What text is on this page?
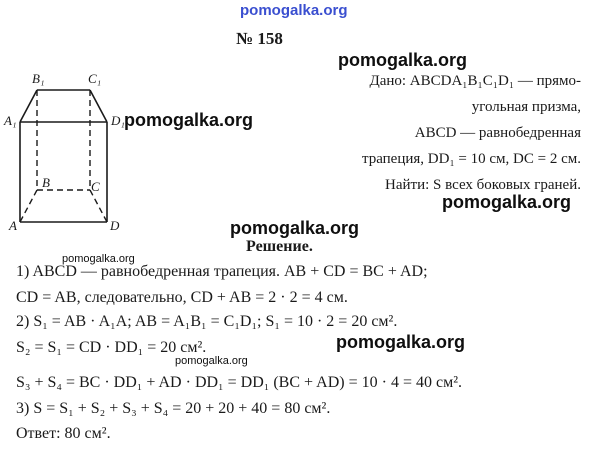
pomogalka.org
pomogalka.org
pomogalka.org
pomogalka.org
pomogalka.org
pomogalka.org
pomogalka.org
pomogalka.org
№ 158
B₁	C₁
A₁	D₁
B	C
A	D
Дано: ABCDA₁B₁C₁D₁ — прямо-
угольная призма,
ABCD — равнобедренная
трапеция, DD₁ = 10 см, DC = 2 см.
Найти: S всех боковых граней.
Решение.
1) ABCD — равнобедренная трапеция. AB + CD = BC + AD;
CD = AB, следовательно, CD + AB = 2 · 2 = 4 см.
2) S₁ = AB · A₁A; AB = A₁B₁ = C₁D₁; S₁ = 10 · 2 = 20 см².
S₂ = S₁ = CD · DD₁ = 20 см².
S₃ + S₄ = BC · DD₁ + AD · DD₁ = DD₁ (BC + AD) = 10 · 4 = 40 см².
3) S = S₁ + S₂ + S₃ + S₄ = 20 + 20 + 40 = 80 см².
Ответ: 80 см².
